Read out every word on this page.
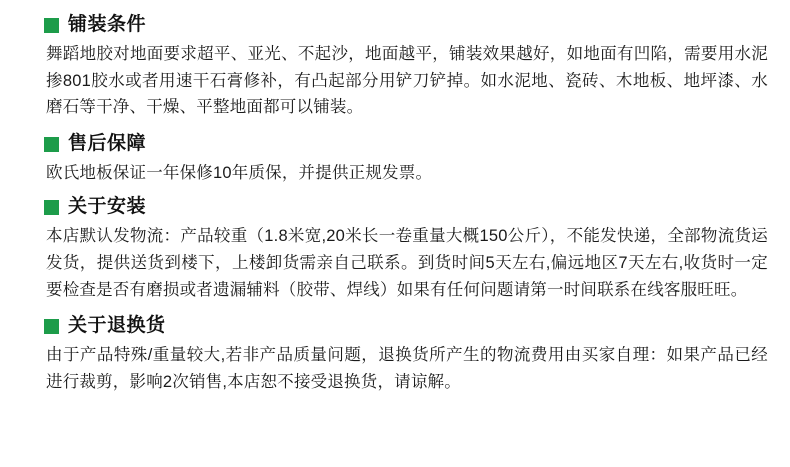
铺装条件
舞蹈地胶对地面要求超平、亚光、不起沙，地面越平，铺装效果越好，如地面有凹陷，需要用水泥掺801胶水或者用速干石膏修补，有凸起部分用铲刀铲掉。如水泥地、瓷砖、木地板、地坪漆、水磨石等干净、干燥、平整地面都可以铺装。
售后保障
欧氏地板保证一年保修10年质保，并提供正规发票。
关于安装
本店默认发物流：产品较重（1.8米宽,20米长一卷重量大概150公斤），不能发快递，全部物流货运发货，提供送货到楼下，上楼卸货需亲自己联系。到货时间5天左右,偏远地区7天左右,收货时一定要检查是否有磨损或者遗漏辅料（胶带、焊线）如果有任何问题请第一时间联系在线客服旺旺。
关于退换货
由于产品特殊/重量较大,若非产品质量问题，退换货所产生的物流费用由买家自理：如果产品已经进行裁剪，影响2次销售,本店恕不接受退换货，请谅解。
